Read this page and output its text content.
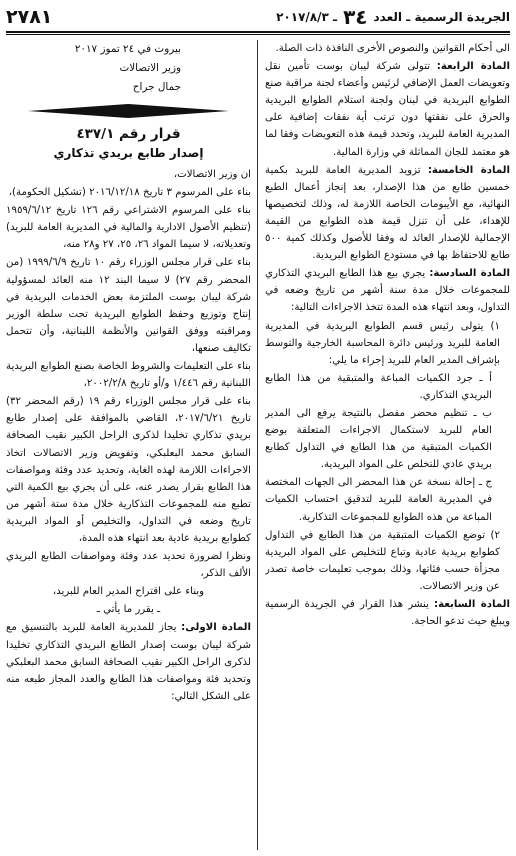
الجريدة الرسمية ـ العدد
٣٤
ـ ٢٠١٧/٨/٣
٢٧٨١

الى أحكام القوانين والنصوص الأخرى النافذة ذات الصلة.

المادة الرابعة: تتولى شركة ليبان بوست تأمين نقل وتعويضات العمل الإضافي لرئيس وأعضاء لجنة مراقبة صنع الطوابع البريدية في لبنان ولجنة استلام الطوابع البريدية والحرق على نفقتها دون ترتب أية نفقات إضافية على المديرية العامة للبريد، وتحدد قيمة هذه التعويضات وفقا لما هو معتمد للجان المماثلة في وزارة المالية.

المادة الخامسة: تزويد المديرية العامة للبريد بكمية خمسين طابع من هذا الإصدار، بعد إنجاز أعمال الطبع النهائية، مع الأيبومات الخاصة اللازمة له، وذلك لتخصيصها للإهداء، على أن تنزل قيمة هذه الطوابع من القيمة الإجمالية للإصدار العائد له وفقا للأصول وكذلك كمية ٥٠٠ طابع للاحتفاظ بها في مستودع الطوابع البريدية.

المادة السادسة: يجري بيع هذا الطابع البريدي التذكاري للمجموعات خلال مدة سنة أشهر من تاريخ وضعه في التداول، وبعد انتهاء هذه المدة تتخذ الاجراءات التالية:

١) يتولى رئيس قسم الطوابع البريدية في المديرية العامة للبريد ورئيس دائرة المحاسبة الخارجية والتوسط بإشراف المدير العام للبريد إجراء ما يلي:

أ ـ جرد الكميات المباعة والمتبقية من هذا الطابع البريدي التذكاري.

ب ـ تنظيم محضر مفصل بالنتيجة يرفع الى المدير العام للبريد لاستكمال الاجراءات المتعلقة بوضع الكميات المتبقية من هذا الطابع في التداول كطابع بريدي عادي للتخلص على المواد البريدية.

ج ـ إحالة نسخة عن هذا المحضر الى الجهات المختصة في المديرية العامة للبريد لتدقيق احتساب الكميات المباعة من هذه الطوابع للمجموعات التذكارية.

٢) توضع الكميات المتبقية من هذا الطابع في التداول كطوابع بريدية عادية وتباع للتخليص على المواد البريدية مجزأة حسب فئاتها، وذلك بموجب تعليمات خاصة تصدر عن وزير الاتصالات.

المادة السابعة: ينشر هذا القرار في الجريدة الرسمية ويبلغ حيث تدعو الحاجة.

بيروت في ٢٤ تموز ٢٠١٧

وزير الاتصالات

جمال جراح

قرار رقم ٤٣٧/١
إصدار طابع بريدي تذكاري

ان وزير الاتصالات،

بناء على المرسوم ٣ تاريخ ٢٠١٦/١٢/١٨ (تشكيل الحكومة)،

بناء على المرسوم الاشتراعي رقم ١٢٦ تاريخ ١٩٥٩/٦/١٢ (تنظيم الأصول الادارية والمالية في المديرية العامة للبريد) وتعديلاته، لا سيما المواد ٢٦، ٢٥، ٢٧ و٢٨ منه،

بناء على قرار مجلس الوزراء رقم ١٠ تاريخ ١٩٩٩/٦/٩ (من المحضر رقم ٢٧) لا سيما البند ١٢ منه العائد لمسؤولية شركة ليبان بوست الملتزمة بعض الخدمات البريدية في إنتاج وتوزيع وحفظ الطوابع البريدية تحت سلطة الوزير ومراقبته ووفق القوانين والأنظمة اللبنانية، وأن تتحمل تكاليف صنعها،

بناء على التعليمات والشروط الخاصة بصنع الطوابع البريدية اللبنانية رقم ١/٤٤٦ و/أو تاريخ ٢٠٠٢/٢/٨،

بناء على قرار مجلس الوزراء رقم ١٩ (رقم المحضر ٣٢) تاريخ ٢٠١٧/٦/٢١، القاضي بالموافقة على إصدار طابع بريدي تذكاري تخليدا لذكرى الراحل الكبير نقيب الصحافة السابق محمد البعلبكي، وتفويض وزير الاتصالات اتخاذ الاجراءات اللازمة لهذه الغاية، وتحديد عدد وفئة ومواصفات هذا الطابع بقرار يصدر عنه، على أن يجري بيع الكمية التي تطبع منه للمجموعات التذكارية خلال مدة ستة أشهر من تاريخ وضعه في التداول، والتخليص أو المواد البريدية كطوابع بريدية عادية بعد انتهاء هذه المدة،

ونظرا لضرورة تحديد عدد وفئة ومواصفات الطابع البريدي الألف الذكر،

وبناء على اقتراح المدير العام للبريد،

ـ يقرر ما يأتي ـ

المادة الاولى: يجاز للمديرية العامة للبريد بالتنسيق مع شركة ليبان بوست إصدار الطابع البريدي التذكاري تخليدا لذكرى الراحل الكبير نقيب الصحافة السابق محمد البعلبكي وتحديد فئة ومواصفات هذا الطابع والعدد المجاز طبعه منه على الشكل التالي:
